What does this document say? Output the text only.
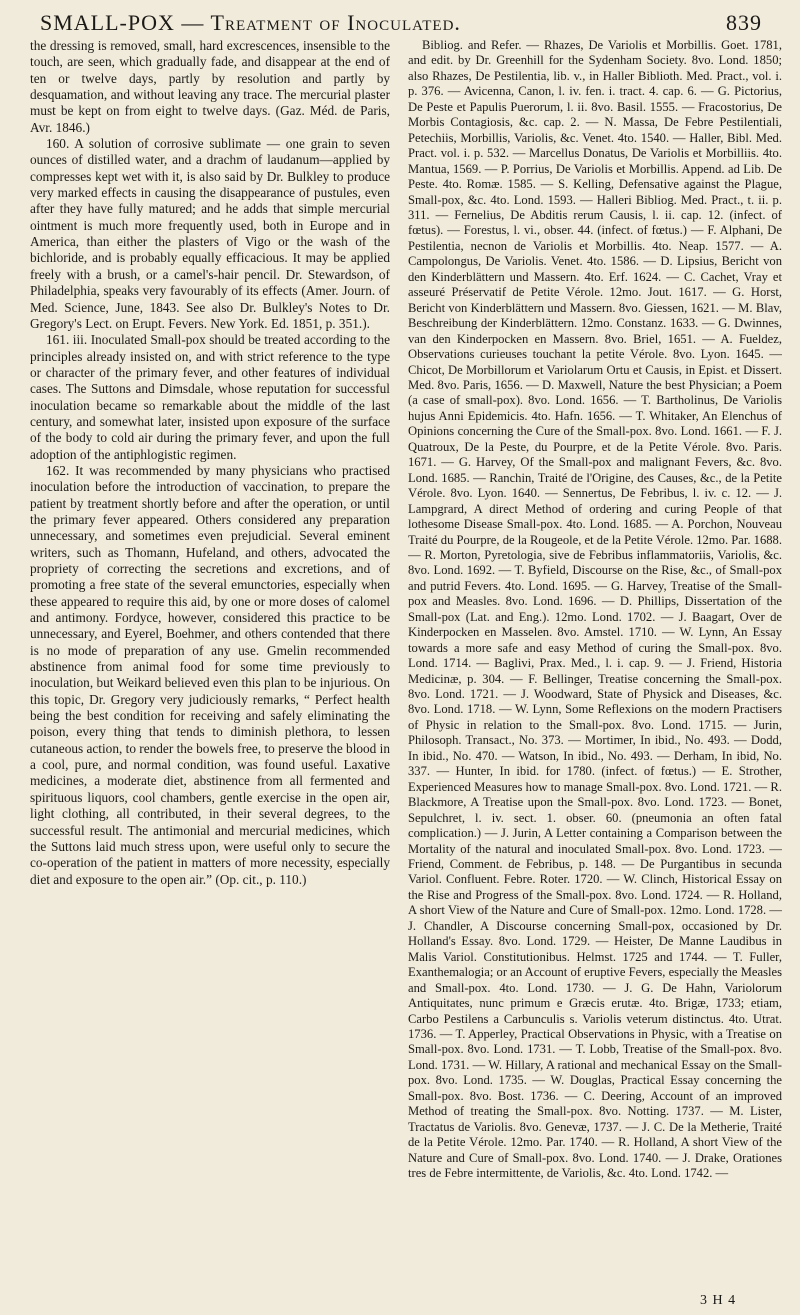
SMALL-POX — Treatment of Inoculated.	839

the dressing is removed, small, hard excrescences, insensible to the touch, are seen, which gradually fade, and disappear at the end of ten or twelve days, partly by resolution and partly by desquamation, and without leaving any trace. The mercurial plaster must be kept on from eight to twelve days. (Gaz. Méd. de Paris, Avr. 1846.)

160. A solution of corrosive sublimate — one grain to seven ounces of distilled water, and a drachm of laudanum—applied by compresses kept wet with it, is also said by Dr. Bulkley to produce very marked effects in causing the disappearance of pustules, even after they have fully matured; and he adds that simple mercurial ointment is much more frequently used, both in Europe and in America, than either the plasters of Vigo or the wash of the bichloride, and is probably equally efficacious. It may be applied freely with a brush, or a camel's-hair pencil. Dr. Stewardson, of Philadelphia, speaks very favourably of its effects (Amer. Journ. of Med. Science, June, 1843. See also Dr. Bulkley's Notes to Dr. Gregory's Lect. on Erupt. Fevers. New York. Ed. 1851, p. 351.).

161. iii. Inoculated Small-pox should be treated according to the principles already insisted on, and with strict reference to the type or character of the primary fever, and other features of individual cases. The Suttons and Dimsdale, whose reputation for successful inoculation became so remarkable about the middle of the last century, and somewhat later, insisted upon exposure of the surface of the body to cold air during the primary fever, and upon the full adoption of the antiphlogistic regimen.

162. It was recommended by many physicians who practised inoculation before the introduction of vaccination, to prepare the patient by treatment shortly before and after the operation, or until the primary fever appeared. Others considered any preparation unnecessary, and sometimes even prejudicial. Several eminent writers, such as Thomann, Hufeland, and others, advocated the propriety of correcting the secretions and excretions, and of promoting a free state of the several emunctories, especially when these appeared to require this aid, by one or more doses of calomel and antimony. Fordyce, however, considered this practice to be unnecessary, and Eyerel, Boehmer, and others contended that there is no mode of preparation of any use. Gmelin recommended abstinence from animal food for some time previously to inoculation, but Weikard believed even this plan to be injurious. On this topic, Dr. Gregory very judiciously remarks, “ Perfect health being the best condition for receiving and safely eliminating the poison, every thing that tends to diminish plethora, to lessen cutaneous action, to render the bowels free, to preserve the blood in a cool, pure, and normal condition, was found useful. Laxative medicines, a moderate diet, abstinence from all fermented and spirituous liquors, cool chambers, gentle exercise in the open air, light clothing, all contributed, in their several degrees, to the successful result. The antimonial and mercurial medicines, which the Suttons laid much stress upon, were useful only to secure the co-operation of the patient in matters of more necessity, especially diet and exposure to the open air.” (Op. cit., p. 110.)

Bibliog. and Refer. — Rhazes, De Variolis et Morbillis. Goet. 1781, and edit. by Dr. Greenhill for the Sydenham Society. 8vo. Lond. 1850; also Rhazes, De Pestilentia, lib. v., in Haller Biblioth. Med. Pract., vol. i. p. 376. — Avicenna, Canon, l. iv. fen. i. tract. 4. cap. 6. — G. Pictorius, De Peste et Papulis Puerorum, l. ii. 8vo. Basil. 1555. — Fracostorius, De Morbis Contagiosis, &c. cap. 2. — N. Massa, De Febre Pestilentiali, Petechiis, Morbillis, Variolis, &c. Venet. 4to. 1540. — Haller, Bibl. Med. Pract. vol. i. p. 532. — Marcellus Donatus, De Variolis et Morbilliis. 4to. Mantua, 1569. — P. Porrius, De Variolis et Morbillis. Append. ad Lib. De Peste. 4to. Romæ. 1585. — S. Kelling, Defensative against the Plague, Small-pox, &c. 4to. Lond. 1593. — Halleri Bibliog. Med. Pract., t. ii. p. 311. — Fernelius, De Abditis rerum Causis, l. ii. cap. 12. (infect. of fœtus). — Forestus, l. vi., obser. 44. (infect. of fœtus.) — F. Alphani, De Pestilentia, necnon de Variolis et Morbillis. 4to. Neap. 1577. — A. Campolongus, De Variolis. Venet. 4to. 1586. — D. Lipsius, Bericht von den Kinderblättern und Massern. 4to. Erf. 1624. — C. Cachet, Vray et asseuré Préservatif de Petite Vérole. 12mo. Jout. 1617. — G. Horst, Bericht von Kinderblättern und Massern. 8vo. Giessen, 1621. — M. Blav, Beschreibung der Kinderblättern. 12mo. Constanz. 1633. — G. Dwinnes, van den Kinderpocken en Massern. 8vo. Briel, 1651. — A. Fueldez, Observations curieuses touchant la petite Vérole. 8vo. Lyon. 1645. — Chicot, De Morbillorum et Variolarum Ortu et Causis, in Epist. et Dissert. Med. 8vo. Paris, 1656. — D. Maxwell, Nature the best Physician; a Poem (a case of small-pox). 8vo. Lond. 1656. — T. Bartholinus, De Variolis hujus Anni Epidemicis. 4to. Hafn. 1656. — T. Whitaker, An Elenchus of Opinions concerning the Cure of the Small-pox. 8vo. Lond. 1661. — F. J. Quatroux, De la Peste, du Pourpre, et de la Petite Vérole. 8vo. Paris. 1671. — G. Harvey, Of the Small-pox and malignant Fevers, &c. 8vo. Lond. 1685. — Ranchin, Traité de l'Origine, des Causes, &c., de la Petite Vérole. 8vo. Lyon. 1640. — Sennertus, De Febribus, l. iv. c. 12. — J. Lampgrard, A direct Method of ordering and curing People of that lothesome Disease Small-pox. 4to. Lond. 1685. — A. Porchon, Nouveau Traité du Pourpre, de la Rougeole, et de la Petite Vérole. 12mo. Par. 1688. — R. Morton, Pyretologia, sive de Febribus inflammatoriis, Variolis, &c. 8vo. Lond. 1692. — T. Byfield, Discourse on the Rise, &c., of Small-pox and putrid Fevers. 4to. Lond. 1695. — G. Harvey, Treatise of the Small-pox and Measles. 8vo. Lond. 1696. — D. Phillips, Dissertation of the Small-pox (Lat. and Eng.). 12mo. Lond. 1702. — J. Baagart, Over de Kinderpocken en Masselen. 8vo. Amstel. 1710. — W. Lynn, An Essay towards a more safe and easy Method of curing the Small-pox. 8vo. Lond. 1714. — Baglivi, Prax. Med., l. i. cap. 9. — J. Friend, Historia Medicinæ, p. 304. — F. Bellinger, Treatise concerning the Small-pox. 8vo. Lond. 1721. — J. Woodward, State of Physick and Diseases, &c. 8vo. Lond. 1718. — W. Lynn, Some Reflexions on the modern Practisers of Physic in relation to the Small-pox. 8vo. Lond. 1715. — Jurin, Philosoph. Transact., No. 373. — Mortimer, In ibid., No. 493. — Dodd, In ibid., No. 470. — Watson, In ibid., No. 493. — Derham, In ibid, No. 337. — Hunter, In ibid. for 1780. (infect. of fœtus.) — E. Strother, Experienced Measures how to manage Small-pox. 8vo. Lond. 1721. — R. Blackmore, A Treatise upon the Small-pox. 8vo. Lond. 1723. — Bonet, Sepulchret, l. iv. sect. 1. obser. 60. (pneumonia an often fatal complication.) — J. Jurin, A Letter containing a Comparison between the Mortality of the natural and inoculated Small-pox. 8vo. Lond. 1723. — Friend, Comment. de Febribus, p. 148. — De Purgantibus in secunda Variol. Confluent. Febre. Roter. 1720. — W. Clinch, Historical Essay on the Rise and Progress of the Small-pox. 8vo. Lond. 1724. — R. Holland, A short View of the Nature and Cure of Small-pox. 12mo. Lond. 1728. — J. Chandler, A Discourse concerning Small-pox, occasioned by Dr. Holland's Essay. 8vo. Lond. 1729. — Heister, De Manne Laudibus in Malis Variol. Constitutionibus. Helmst. 1725 and 1744. — T. Fuller, Exanthemalogia; or an Account of eruptive Fevers, especially the Measles and Small-pox. 4to. Lond. 1730. — J. G. De Hahn, Variolorum Antiquitates, nunc primum e Græcis erutæ. 4to. Brigæ, 1733; etiam, Carbo Pestilens a Carbunculis s. Variolis veterum distinctus. 4to. Utrat. 1736. — T. Apperley, Practical Observations in Physic, with a Treatise on Small-pox. 8vo. Lond. 1731. — T. Lobb, Treatise of the Small-pox. 8vo. Lond. 1731. — W. Hillary, A rational and mechanical Essay on the Small-pox. 8vo. Lond. 1735. — W. Douglas, Practical Essay concerning the Small-pox. 8vo. Bost. 1736. — C. Deering, Account of an improved Method of treating the Small-pox. 8vo. Notting. 1737. — M. Lister, Tractatus de Variolis. 8vo. Genevæ, 1737. — J. C. De la Metherie, Traité de la Petite Vérole. 12mo. Par. 1740. — R. Holland, A short View of the Nature and Cure of Small-pox. 8vo. Lond. 1740. — J. Drake, Orationes tres de Febre intermittente, de Variolis, &c. 4to. Lond. 1742. —

3 H 4
